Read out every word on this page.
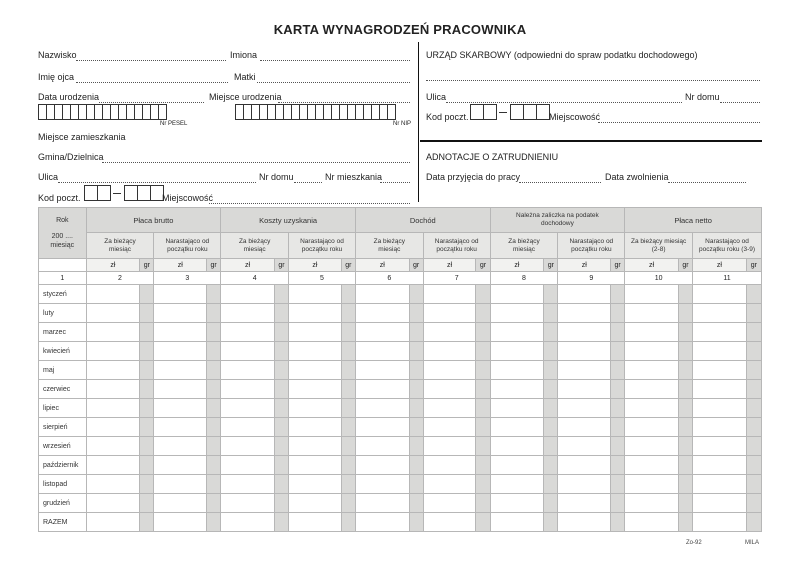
KARTA WYNAGRODZEŃ PRACOWNIKA
Nazwisko	Imiona
Imię ojca	Matki
Data urodzenia	Miejsce urodzenia
Nr PESEL	Nr NIP
Miejsce zamieszkania
Gmina/Dzielnica
Ulica	Nr domu	Nr mieszkania
Kod poczt.	Miejscowość
URZĄD SKARBOWY (odpowiedni do spraw podatku dochodowego)
Ulica	Nr domu
Kod poczt.	Miejscowość
ADNOTACJE O ZATRUDNIENIU
Data przyjęcia do pracy	Data zwolnienia
Rok
200 .... miesiąc	Płaca brutto				Koszty uzyskania				Dochód				Należna zaliczka na podatek dochodowy				Płaca netto			

	Za bieżący miesiąc		Narastająco od początku roku		Za bieżący miesiąc		Narastająco od początku roku		Za bieżący miesiąc		Narastająco od początku roku		Za bieżący miesiąc		Narastająco od początku roku		Za bieżący miesiąc (2-8)		Narastająco od początku roku (3-9)	

	zł	gr	zł	gr	zł	gr	zł	gr	zł	gr	zł	gr	zł	gr	zł	gr	zł	gr	zł	gr
1	2		3		4		5		6		7		8		9		10		11	
styczeń																				
luty																				
marzec																				
kwiecień																				
maj																				
czerwiec																				
lipiec																				
sierpień																				
wrzesień																				
październik																				
listopad																				
grudzień																				
RAZEM																				
Zo-92	MILA
